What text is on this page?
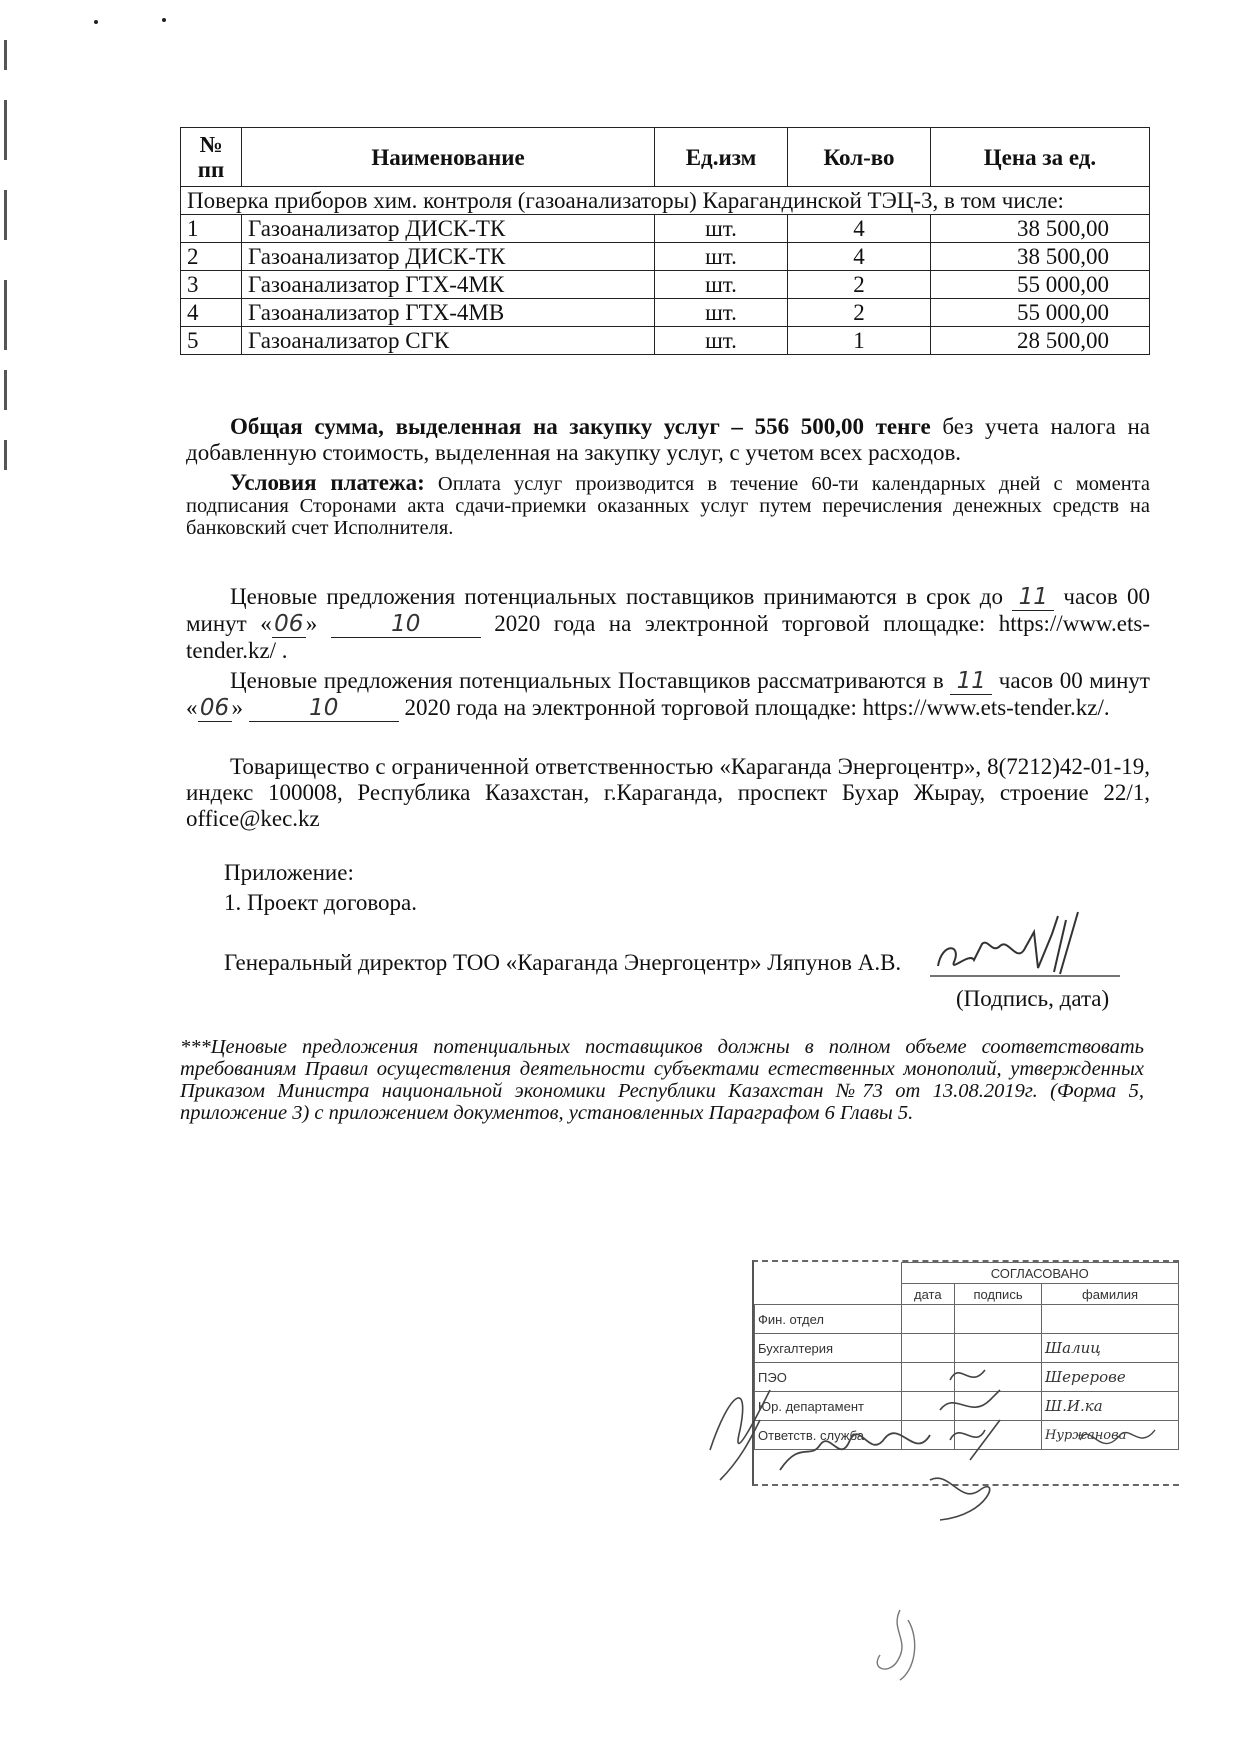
№ пп	Наименование	Ед.изм	Кол-во	Цена за ед.
Поверка приборов хим. контроля (газоанализаторы) Карагандинской ТЭЦ-3, в том числе:				
1	Газоанализатор ДИСК-ТК	шт.	4	38 500,00
2	Газоанализатор ДИСК-ТК	шт.	4	38 500,00
3	Газоанализатор ГТХ-4МК	шт.	2	55 000,00
4	Газоанализатор ГТХ-4МВ	шт.	2	55 000,00
5	Газоанализатор СГК	шт.	1	28 500,00
Общая сумма, выделенная на закупку услуг – 556 500,00 тенге без учета налога на добавленную стоимость, выделенная на закупку услуг, с учетом всех расходов.
Условия платежа: Оплата услуг производится в течение 60-ти календарных дней с момента подписания Сторонами акта сдачи-приемки оказанных услуг путем перечисления денежных средств на банковский счет Исполнителя.
Ценовые предложения потенциальных поставщиков принимаются в срок до 11 часов 00 минут « 06 »	10	2020 года на электронной торговой площадке: https://www.ets-tender.kz/ .
Ценовые предложения потенциальных Поставщиков рассматриваются в 11 часов 00 минут « 06 »	10	2020 года на электронной торговой площадке: https://www.ets-tender.kz/.
Товарищество с ограниченной ответственностью «Караганда Энергоцентр», 8(7212)42-01-19, индекс 100008, Республика Казахстан, г.Караганда, проспект Бухар Жырау, строение 22/1, office@kec.kz
Приложение:
1. Проект договора.
Генеральный директор ТОО «Караганда Энергоцентр» Ляпунов А.В.
(Подпись, дата)
***Ценовые предложения потенциальных поставщиков должны в полном объеме соответствовать требованиям Правил осуществления деятельности субъектами естественных монополий, утвержденных Приказом Министра национальной экономики Республики Казахстан №73 от 13.08.2019г. (Форма 5, приложение 3) с приложением документов, установленных Параграфом 6 Главы 5.
	СОГЛАСОВАНО		
	дата	подпись	фамилия
Фин. отдел			
Бухгалтерия			Шалиц
ПЭО			Шерерове
Юр. департамент			Ш.И.ка
Ответств. служба			Нуржанова
